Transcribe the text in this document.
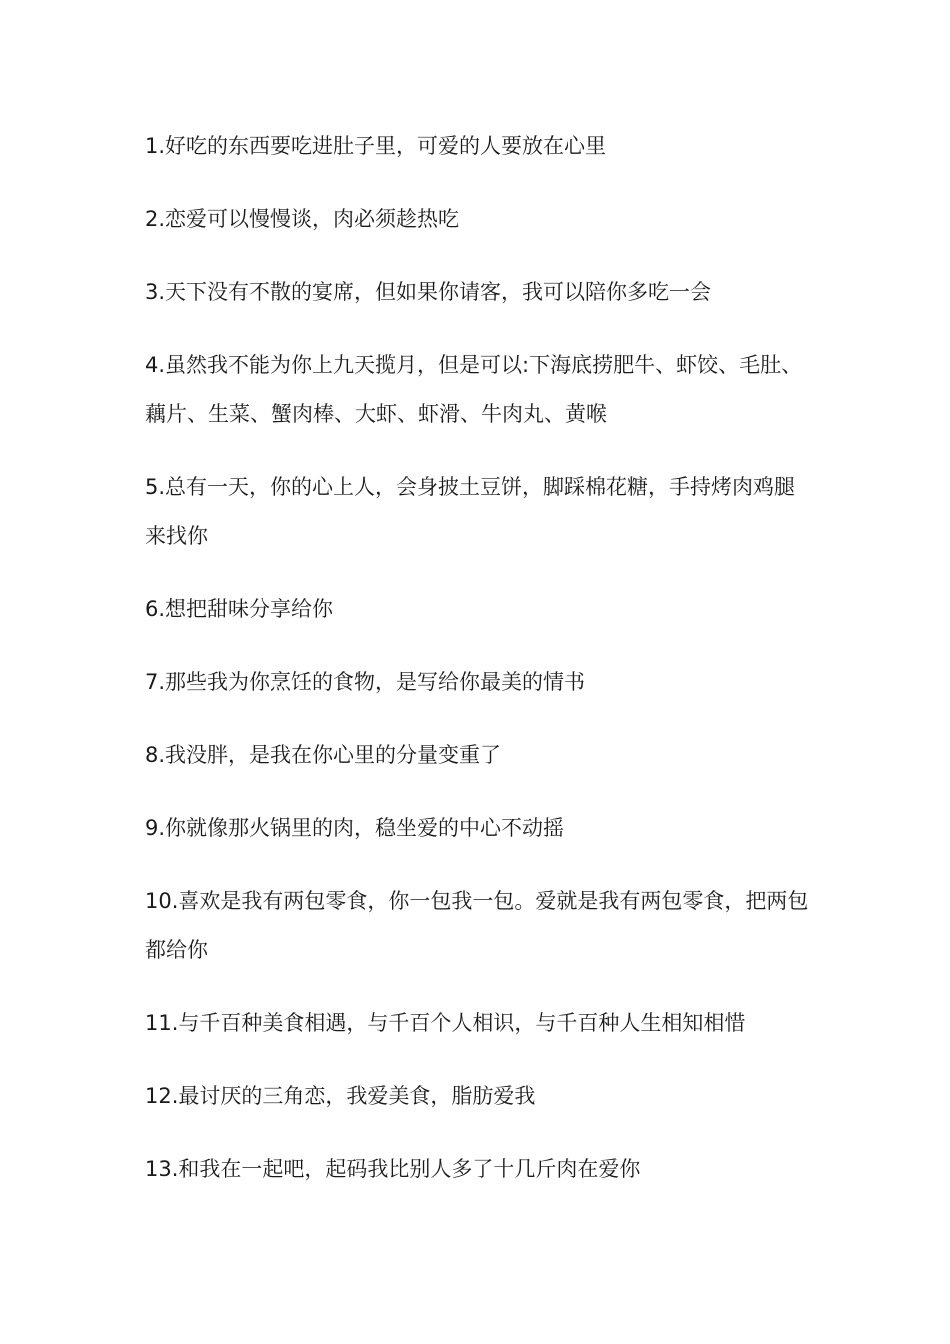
1.好吃的东西要吃进肚子里，可爱的人要放在心里

2.恋爱可以慢慢谈，肉必须趁热吃

3.天下没有不散的宴席，但如果你请客，我可以陪你多吃一会

4.虽然我不能为你上九天揽月，但是可以:下海底捞肥牛、虾饺、毛肚、藕片、生菜、蟹肉棒、大虾、虾滑、牛肉丸、黄喉

5.总有一天，你的心上人，会身披土豆饼，脚踩棉花糖，手持烤肉鸡腿来找你

6.想把甜味分享给你

7.那些我为你烹饪的食物，是写给你最美的情书

8.我没胖，是我在你心里的分量变重了

9.你就像那火锅里的肉，稳坐爱的中心不动摇

10.喜欢是我有两包零食，你一包我一包。爱就是我有两包零食，把两包都给你

11.与千百种美食相遇，与千百个人相识，与千百种人生相知相惜

12.最讨厌的三角恋，我爱美食，脂肪爱我

13.和我在一起吧，起码我比别人多了十几斤肉在爱你
